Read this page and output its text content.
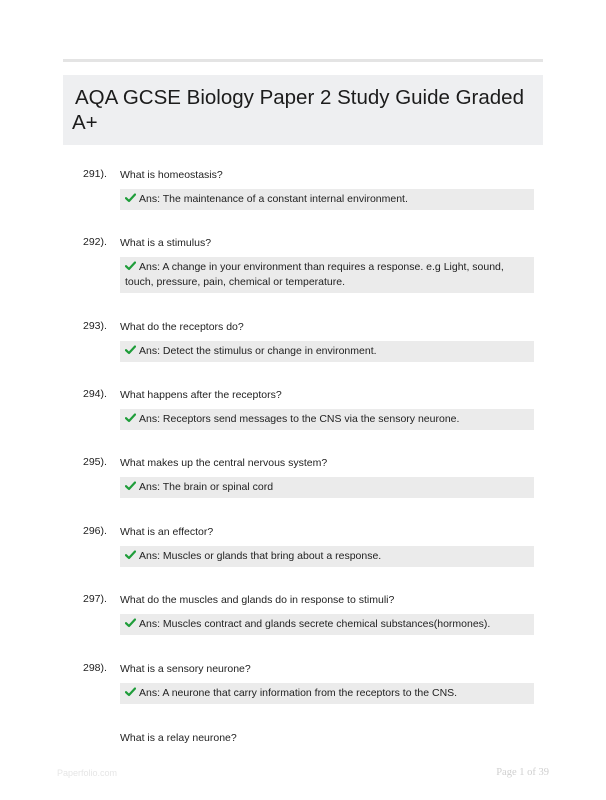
AQA GCSE Biology Paper 2 Study Guide Graded A+
291). What is homeostasis?
Ans: The maintenance of a constant internal environment.
292). What is a stimulus?
Ans: A change in your environment than requires a response. e.g Light, sound, touch, pressure, pain, chemical or temperature.
293). What do the receptors do?
Ans: Detect the stimulus or change in environment.
294). What happens after the receptors?
Ans: Receptors send messages to the CNS via the sensory neurone.
295). What makes up the central nervous system?
Ans: The brain or spinal cord
296). What is an effector?
Ans: Muscles or glands that bring about a response.
297). What do the muscles and glands do in response to stimuli?
Ans: Muscles contract and glands secrete chemical substances(hormones).
298). What is a sensory neurone?
Ans: A neurone that carry information from the receptors to the CNS.
What is a relay neurone?
Paperfolio.com	Page 1 of 39
